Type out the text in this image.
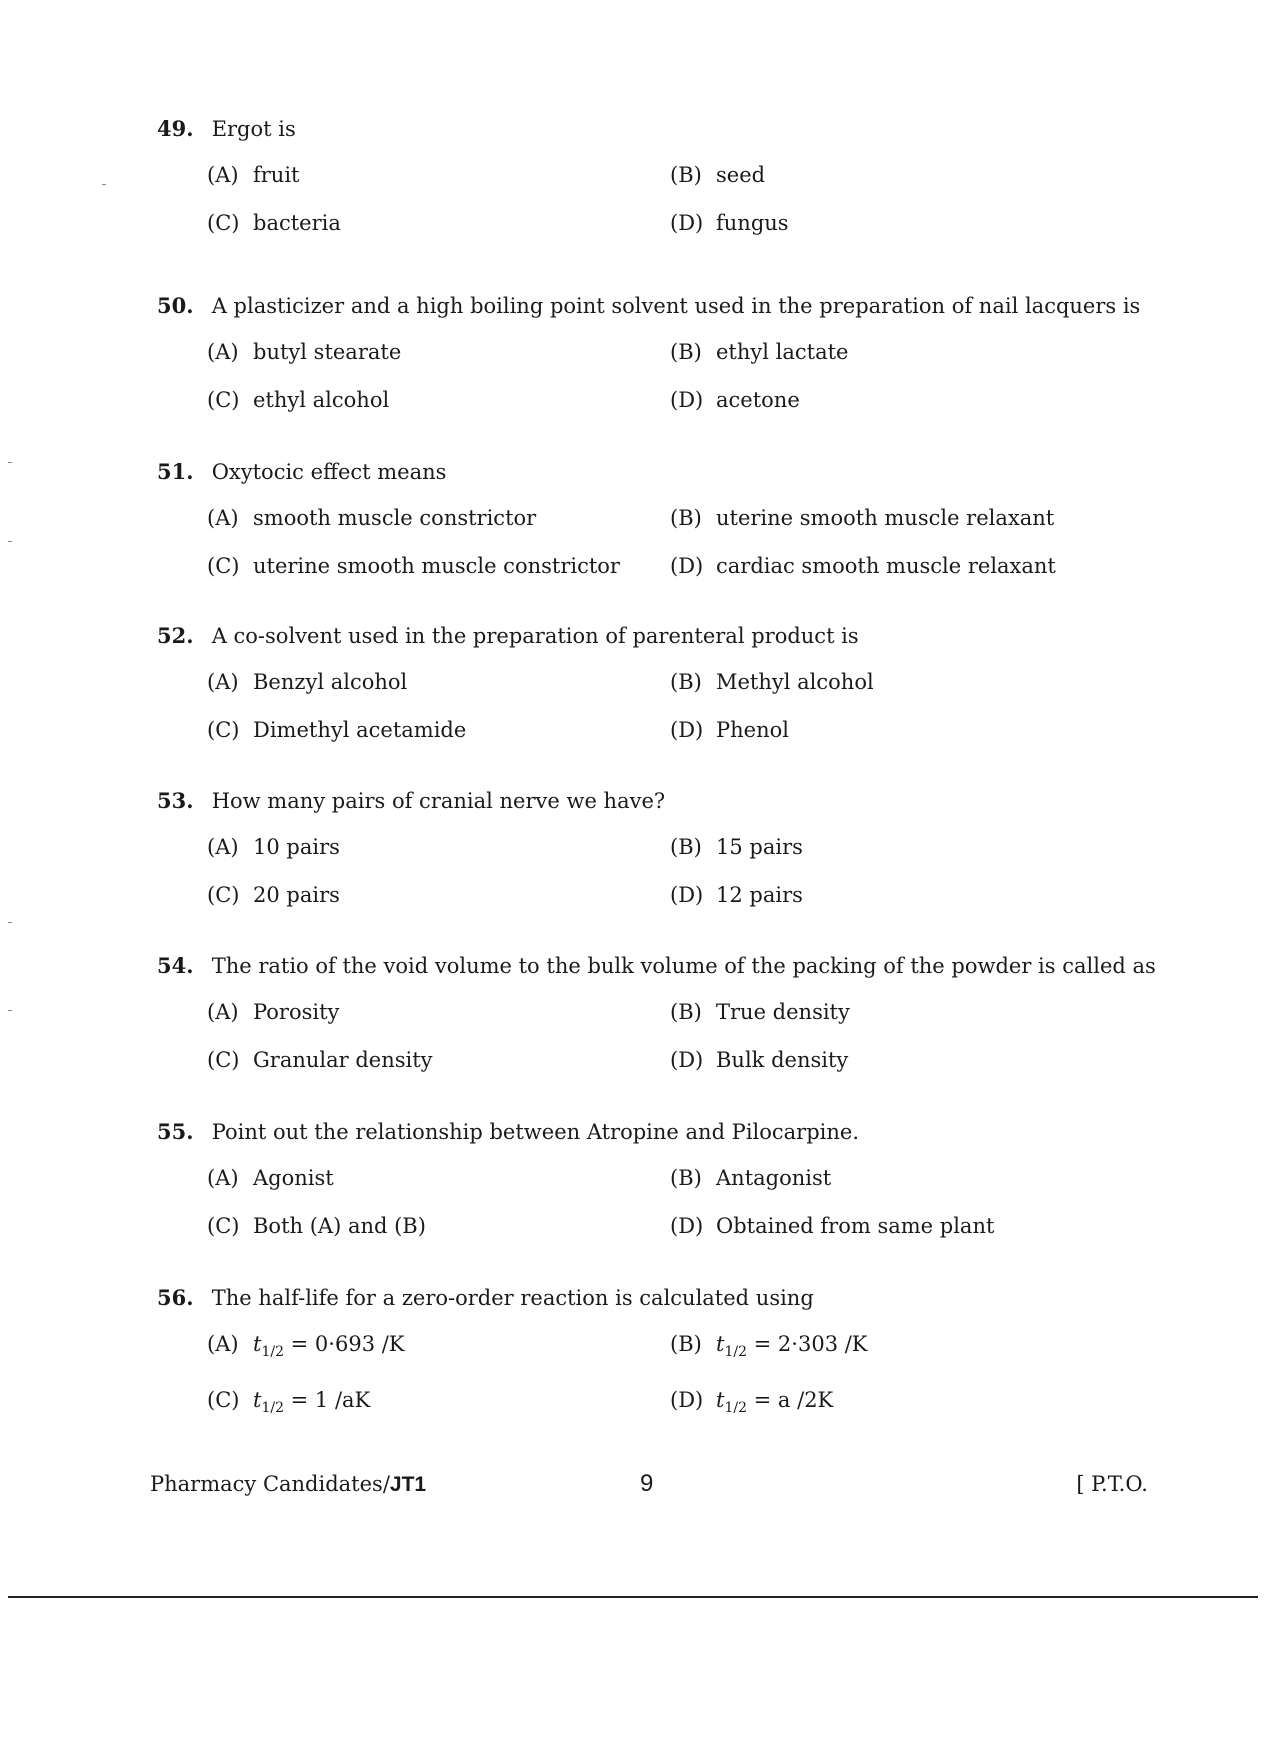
49. Ergot is
(A) fruit	(B) seed
(C) bacteria	(D) fungus
50. A plasticizer and a high boiling point solvent used in the preparation of nail lacquers is
(A) butyl stearate	(B) ethyl lactate
(C) ethyl alcohol	(D) acetone
51. Oxytocic effect means
(A) smooth muscle constrictor	(B) uterine smooth muscle relaxant
(C) uterine smooth muscle constrictor (D) cardiac smooth muscle relaxant
52. A co-solvent used in the preparation of parenteral product is
(A) Benzyl alcohol	(B) Methyl alcohol
(C) Dimethyl acetamide	(D) Phenol
53. How many pairs of cranial nerve we have?
(A) 10 pairs	(B) 15 pairs
(C) 20 pairs	(D) 12 pairs
54. The ratio of the void volume to the bulk volume of the packing of the powder is called as
(A) Porosity	(B) True density
(C) Granular density	(D) Bulk density
55. Point out the relationship between Atropine and Pilocarpine.
(A) Agonist	(B) Antagonist
(C) Both (A) and (B)	(D) Obtained from same plant
56. The half-life for a zero-order reaction is calculated using
(A) $t_{1/2} = 0\cdot 693$ /K	(B) $t_{1/2} = 2\cdot 303$ /K
(C) $t_{1/2} = 1$ /aK	(D) $t_{1/2} = a$ /2K
Pharmacy Candidates/JT1	9	[ P.T.O.
